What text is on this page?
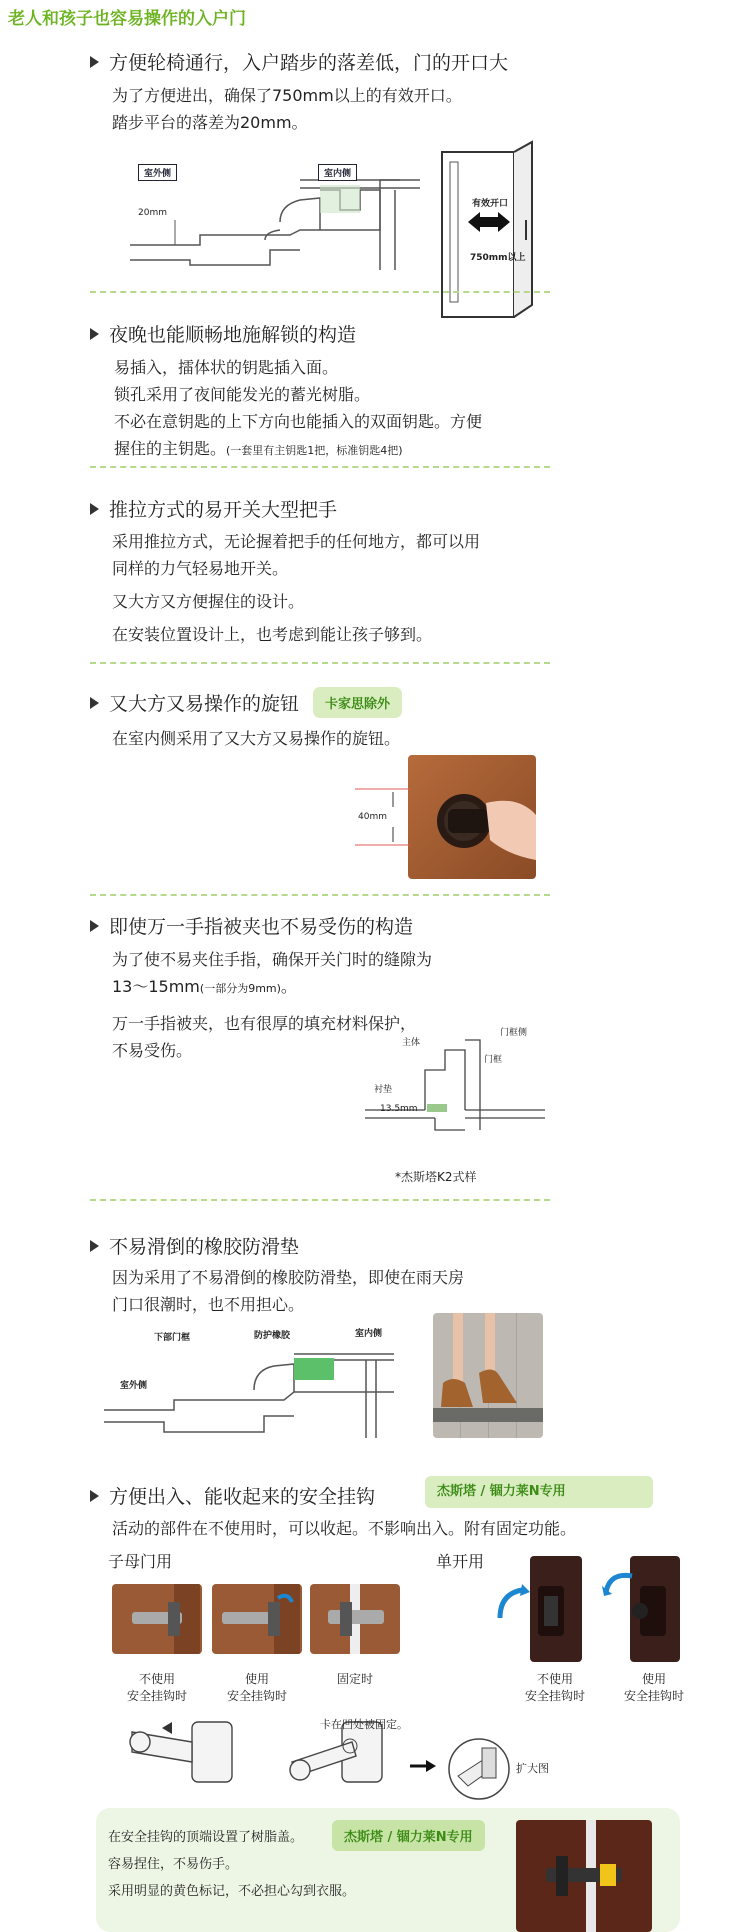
老人和孩子也容易操作的入户门
方便轮椅通行，入户踏步的落差低，门的开口大
为了方便进出，确保了750mm以上的有效开口。
踏步平台的落差为20mm。
室外侧	室内侧
20mm
有效开口
750mm以上
夜晚也能顺畅地施解锁的构造
易插入，擂体状的钥匙插入面。
锁孔采用了夜间能发光的蓄光树脂。
不必在意钥匙的上下方向也能插入的双面钥匙。方便
握住的主钥匙。(一套里有主钥匙1把，标准钥匙4把)
推拉方式的易开关大型把手
采用推拉方式，无论握着把手的任何地方，都可以用
同样的力气轻易地开关。
又大方又方便握住的设计。
在安装位置设计上，也考虑到能让孩子够到。
又大方又易操作的旋钮	卡家思除外
在室内侧采用了又大方又易操作的旋钮。
40mm
即使万一手指被夹也不易受伤的构造
为了使不易夹住手指，确保开关门时的缝隙为
13～15mm(一部分为9mm)。
万一手指被夹，也有很厚的填充材料保护，
不易受伤。	主体
门框侧
门框
衬垫
13.5mm
*杰斯塔K2式样
不易滑倒的橡胶防滑垫
因为采用了不易滑倒的橡胶防滑垫，即使在雨天房
门口很潮时，也不用担心。
下部门框	防护橡胶	室内侧
室外侧
方便出入、能收起来的安全挂钩	杰斯塔 / 锢力莱N专用
活动的部件在不使用时，可以收起。不影响出入。附有固定功能。
子母门用	单开用
不使用
安全挂钩时
使用
安全挂钩时
固定时	不使用
安全挂钩时
使用
安全挂钩时
卡在凹处被固定。
扩大图
在安全挂钩的顶端设置了树脂盖。
容易捏住，不易伤手。
采用明显的黄色标记，不必担心勾到衣服。
杰斯塔 / 锢力莱N专用
